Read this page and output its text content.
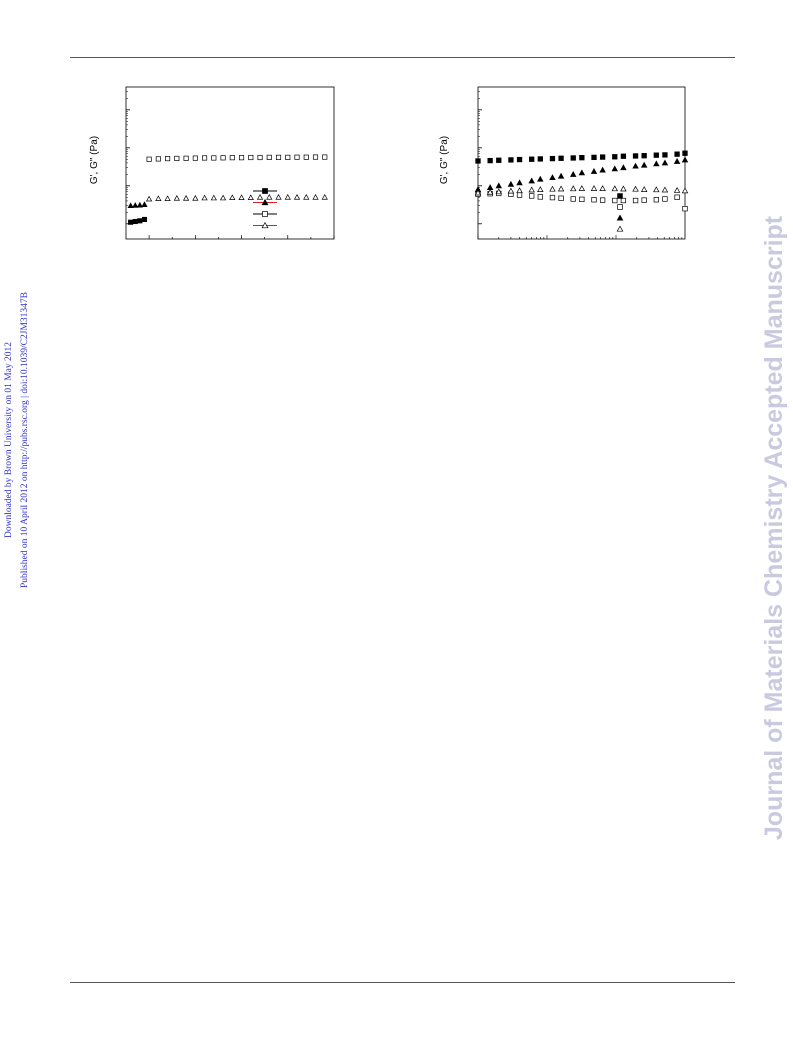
Downloaded by Brown University on 01 May 2012 Published on 10 April 2012 on http://pubs.rsc.org | doi:10.1039/C2JM31347B	Journal of Materials Chemistry Accepted Manuscript
G', G" (Pa)	G', G" (Pa)
